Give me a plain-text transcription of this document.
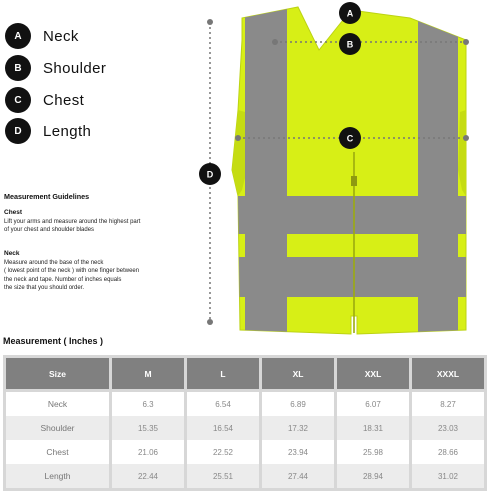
A	Neck
B	Shoulder
C	Chest
D	Length
Measurement Guidelines
Chest

Lift your arms and measure around the highest part

of your chest and shoulder blades

Neck

Measure around the base of the neck

( lowest point of the neck ) with one finger between

the neck and tape. Number of inches equals

the size that you should order.

A
B
C
D
Measurement ( Inches )
Size	M	L	XL	XXL	XXXL
Neck	6.3	6.54	6.89	6.07	8.27
Shoulder	15.35	16.54	17.32	18.31	23.03
Chest	21.06	22.52	23.94	25.98	28.66
Length	22.44	25.51	27.44	28.94	31.02
